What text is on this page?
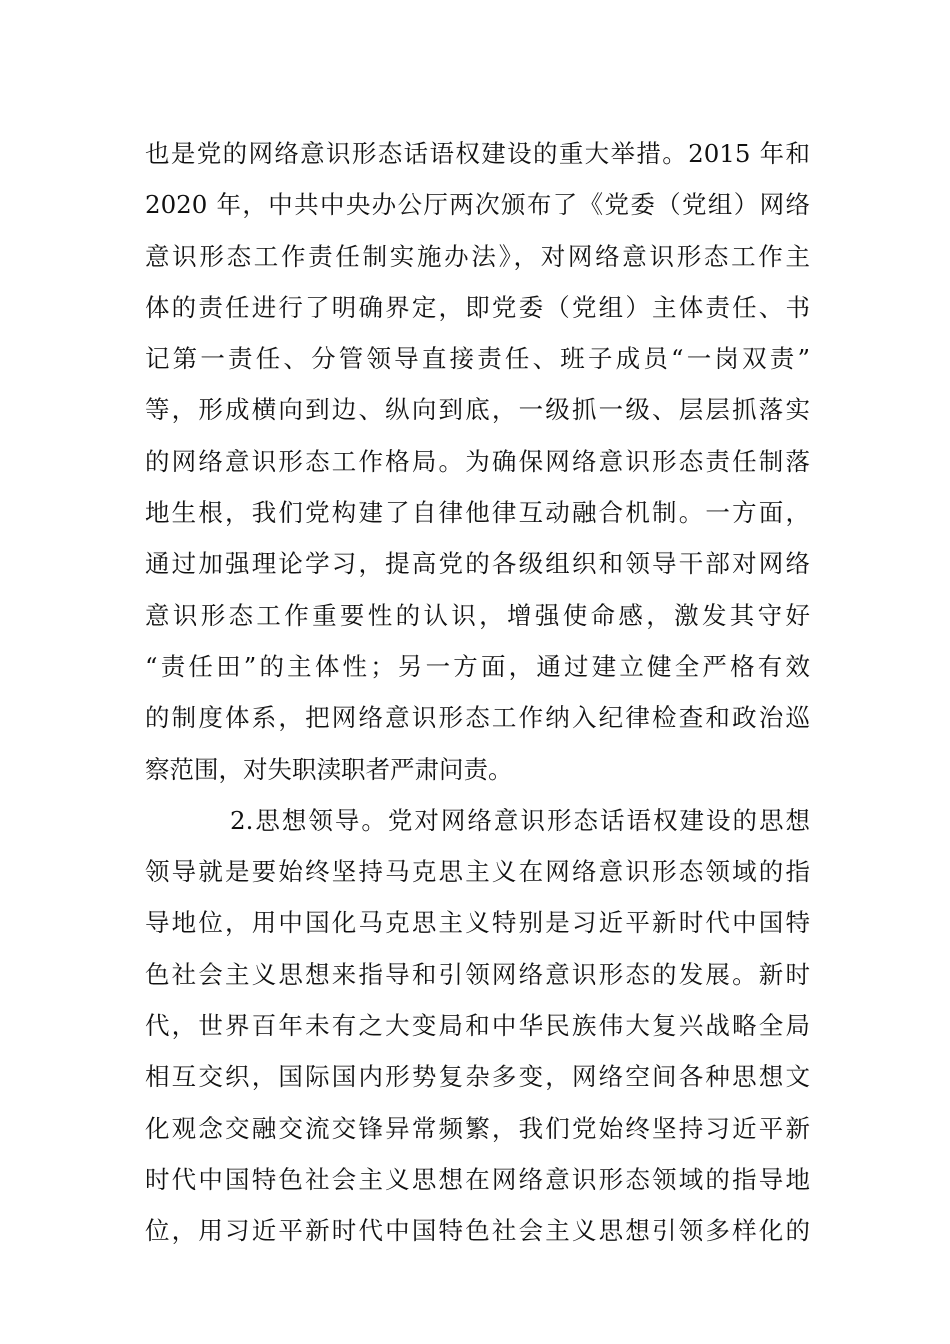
也是党的网络意识形态话语权建设的重大举措。2015 年和
2020 年，中共中央办公厅两次颁布了《党委（党组）网络
意识形态工作责任制实施办法》，对网络意识形态工作主
体的责任进行了明确界定，即党委（党组）主体责任、书
记第一责任、分管领导直接责任、班子成员“一岗双责”
等，形成横向到边、纵向到底，一级抓一级、层层抓落实
的网络意识形态工作格局。为确保网络意识形态责任制落
地生根，我们党构建了自律他律互动融合机制。一方面，
通过加强理论学习，提高党的各级组织和领导干部对网络
意识形态工作重要性的认识，增强使命感，激发其守好
“责任田”的主体性；另一方面，通过建立健全严格有效
的制度体系，把网络意识形态工作纳入纪律检查和政治巡
察范围，对失职渎职者严肃问责。
2.思想领导。党对网络意识形态话语权建设的思想
领导就是要始终坚持马克思主义在网络意识形态领域的指
导地位，用中国化马克思主义特别是习近平新时代中国特
色社会主义思想来指导和引领网络意识形态的发展。新时
代，世界百年未有之大变局和中华民族伟大复兴战略全局
相互交织，国际国内形势复杂多变，网络空间各种思想文
化观念交融交流交锋异常频繁，我们党始终坚持习近平新
时代中国特色社会主义思想在网络意识形态领域的指导地
位，用习近平新时代中国特色社会主义思想引领多样化的
